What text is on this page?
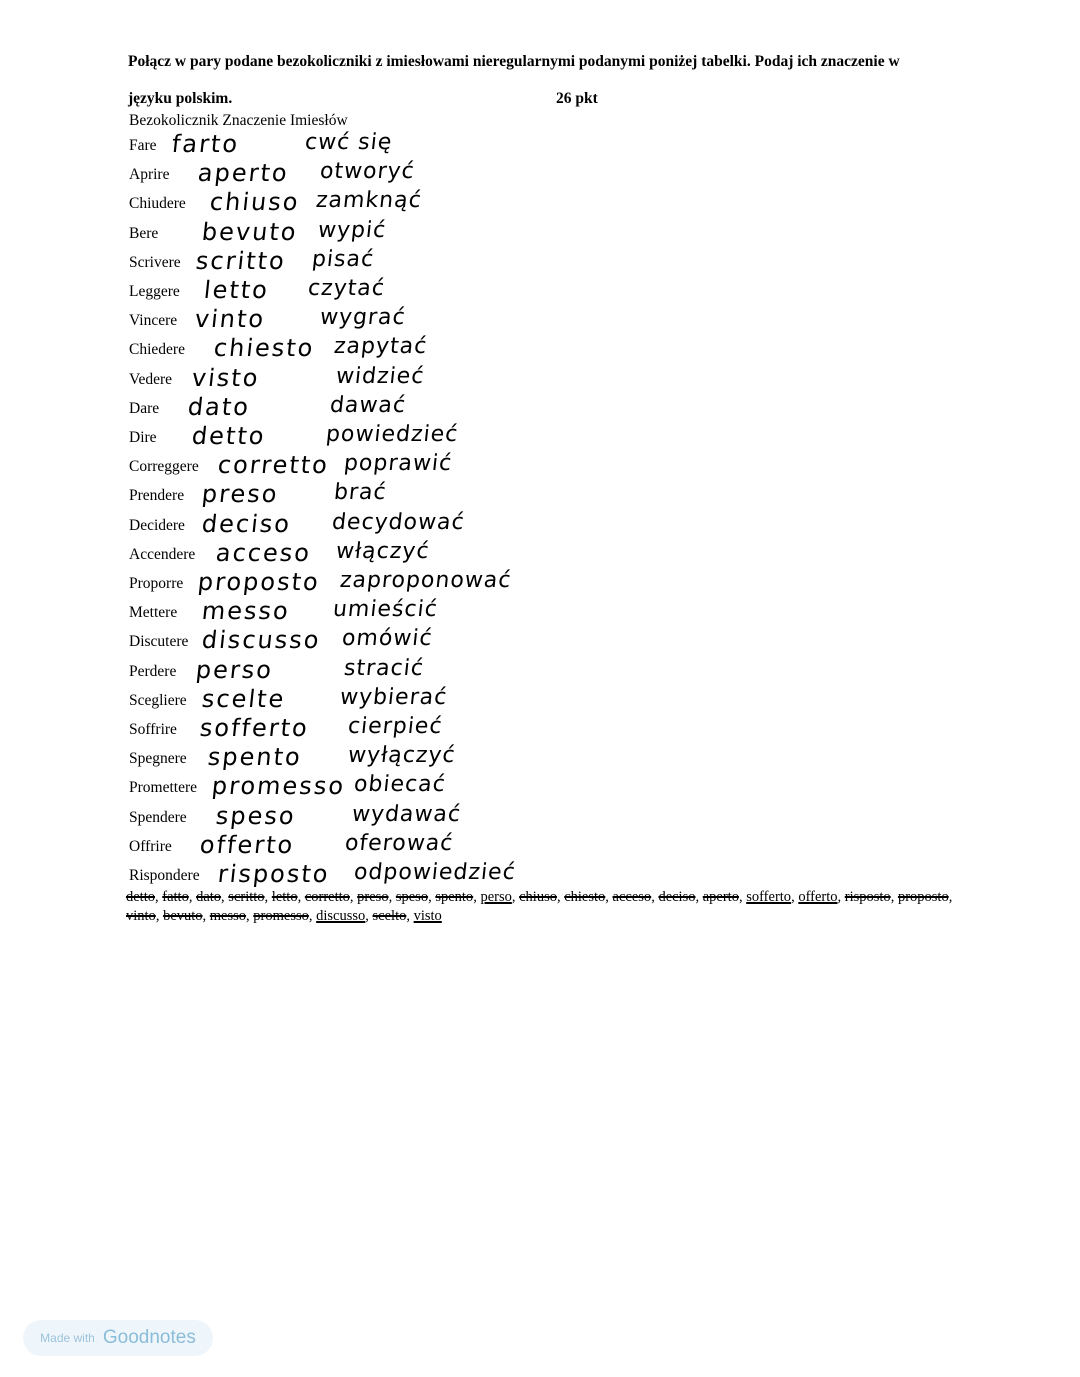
Połącz w pary podane bezokoliczniki z imiesłowami nieregularnymi podanymi poniżej tabelki. Podaj ich znaczenie w
języku polskim.	26 pkt
Bezokolicznik Znaczenie Imiesłów
Fare farto	cwć się
Aprire aperto otworyć
Chiudere chiuso zamknąć
Bere bevuto wypić
Scrivere scritto pisać
Leggere letto czytać
Vincere vinto wygrać
Chiedere chiesto zapytać
Vedere visto	widzieć
Dare dato	dawać
Dire detto	powiedzieć
Correggere corretto poprawić
Prendere preso brać
Decidere deciso decydować
Accendere acceso włączyć
Proporre proposto zaproponować
Mettere messo umieścić
Discutere discusso omówić
Perdere perso	stracić
Scegliere scelte wybierać
Soffrire sofferto cierpieć
Spegnere spento wyłączyć
Promettere promesso obiecać
Spendere speso wydawać
Offrire offerto oferować
Rispondere risposto odpowiedzieć
detto, fatto, dato, scritto, letto, corretto, preso, speso, spento, perso, chiuso, chiesto, acceso, deciso, aperto, sofferto, offerto, risposto, proposto, vinto, bevuto, messo, promesso, discusso, scelto, visto
Made with Goodnotes
